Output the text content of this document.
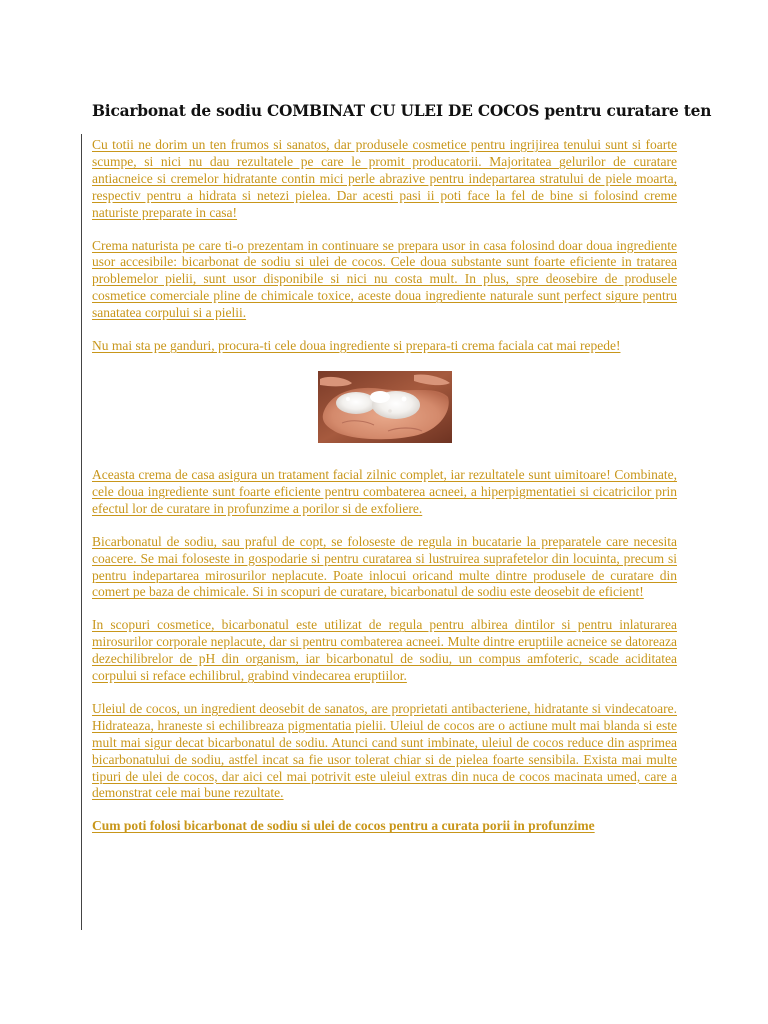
Bicarbonat de sodiu COMBINAT CU ULEI DE COCOS pentru curatare ten

Cu totii ne dorim un ten frumos si sanatos, dar produsele cosmetice pentru ingrijirea tenului sunt si foarte scumpe, si nici nu dau rezultatele pe care le promit producatorii. Majoritatea gelurilor de curatare antiacneice si cremelor hidratante contin mici perle abrazive pentru indepartarea stratului de piele moarta, respectiv pentru a hidrata si netezi pielea. Dar acesti pasi ii poti face la fel de bine si folosind creme naturiste preparate in casa!

Crema naturista pe care ti-o prezentam in continuare se prepara usor in casa folosind doar doua ingrediente usor accesibile: bicarbonat de sodiu si ulei de cocos. Cele doua substante sunt foarte eficiente in tratarea problemelor pielii, sunt usor disponibile si nici nu costa mult. In plus, spre deosebire de produsele cosmetice comerciale pline de chimicale toxice, aceste doua ingrediente naturale sunt perfect sigure pentru sanatatea corpului si a pielii.

Nu mai sta pe ganduri, procura-ti cele doua ingrediente si prepara-ti crema faciala cat mai repede!

Aceasta crema de casa asigura un tratament facial zilnic complet, iar rezultatele sunt uimitoare! Combinate, cele doua ingrediente sunt foarte eficiente pentru combaterea acneei, a hiperpigmentatiei si cicatricilor prin efectul lor de curatare in profunzime a porilor si de exfoliere.

Bicarbonatul de sodiu, sau praful de copt, se foloseste de regula in bucatarie la preparatele care necesita coacere. Se mai foloseste in gospodarie si pentru curatarea si lustruirea suprafetelor din locuinta, precum si pentru indepartarea mirosurilor neplacute. Poate inlocui oricand multe dintre produsele de curatare din comert pe baza de chimicale. Si in scopuri de curatare, bicarbonatul de sodiu este deosebit de eficient!

In scopuri cosmetice, bicarbonatul este utilizat de regula pentru albirea dintilor si pentru inlaturarea mirosurilor corporale neplacute, dar si pentru combaterea acneei. Multe dintre eruptiile acneice se datoreaza dezechilibrelor de pH din organism, iar bicarbonatul de sodiu, un compus amfoteric, scade aciditatea corpului si reface echilibrul, grabind vindecarea eruptiilor.

Uleiul de cocos, un ingredient deosebit de sanatos, are proprietati antibacteriene, hidratante si vindecatoare. Hidrateaza, hraneste si echilibreaza pigmentatia pielii. Uleiul de cocos are o actiune mult mai blanda si este mult mai sigur decat bicarbonatul de sodiu. Atunci cand sunt imbinate, uleiul de cocos reduce din asprimea bicarbonatului de sodiu, astfel incat sa fie usor tolerat chiar si de pielea foarte sensibila. Exista mai multe tipuri de ulei de cocos, dar aici cel mai potrivit este uleiul extras din nuca de cocos macinata umed, care a demonstrat cele mai bune rezultate.

Cum poti folosi bicarbonat de sodiu si ulei de cocos pentru a curata porii in profunzime
